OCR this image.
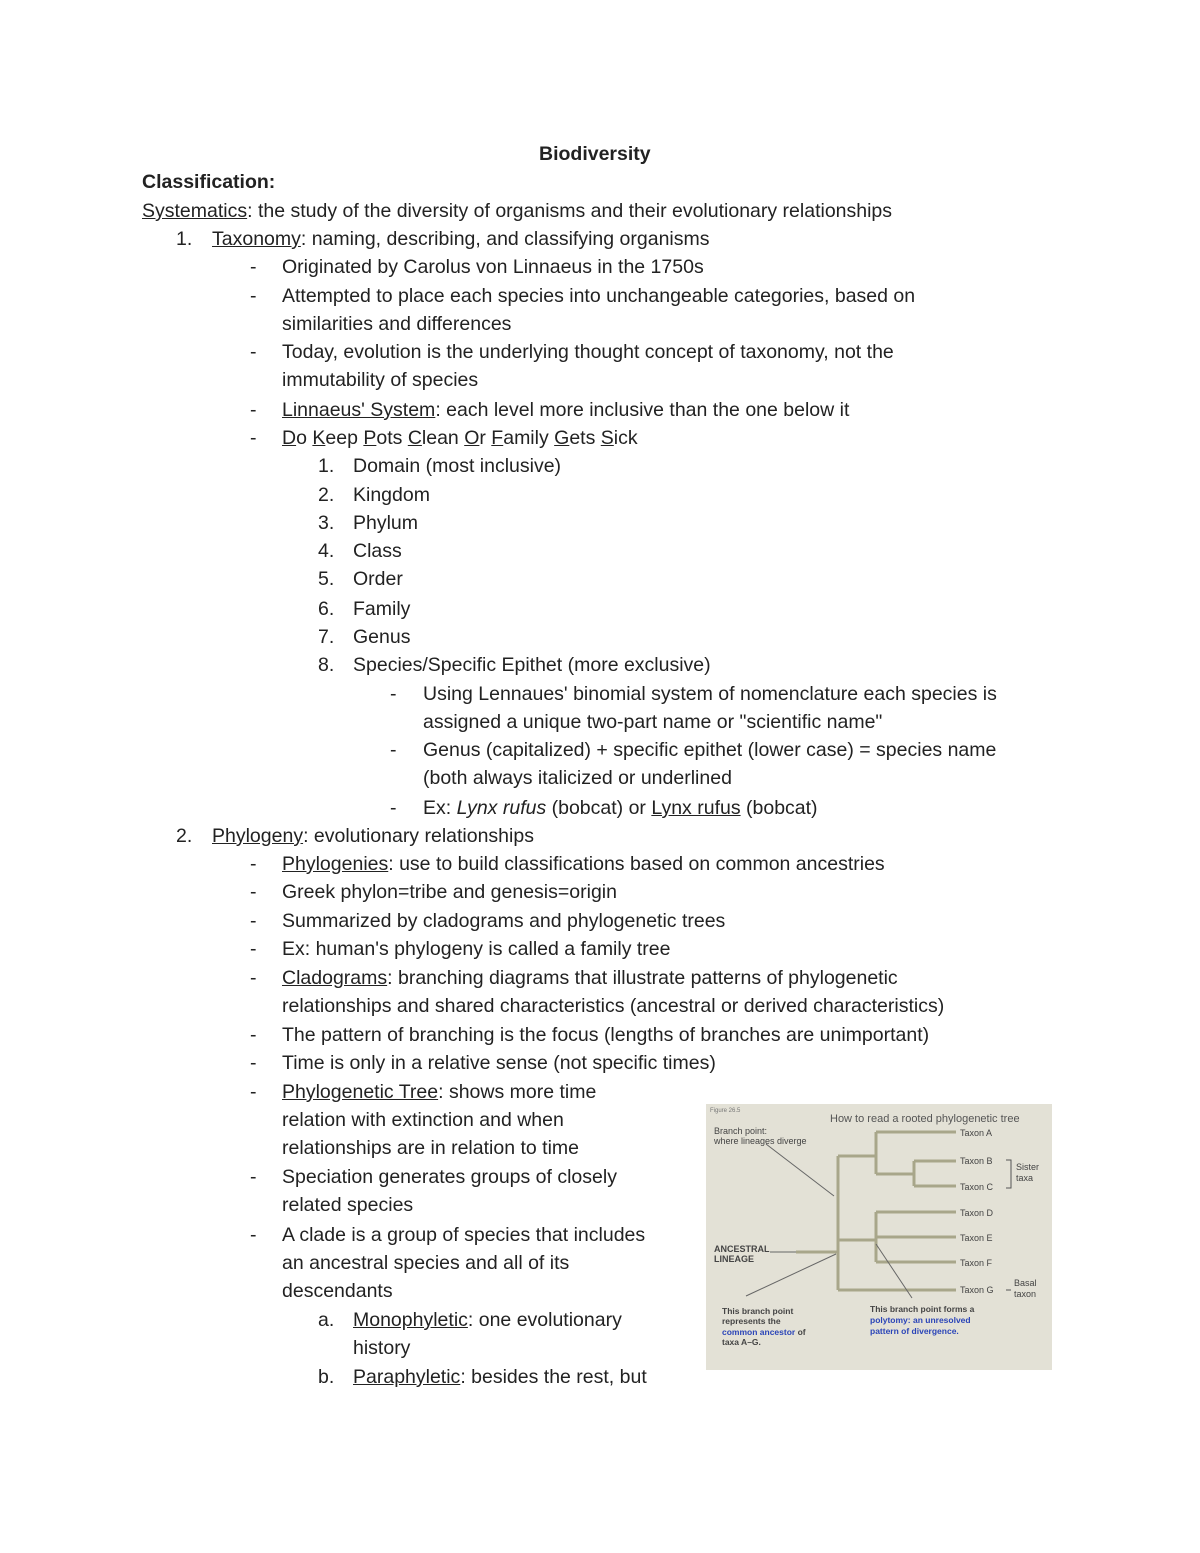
Biodiversity
Classification:
Systematics: the study of the diversity of organisms and their evolutionary relationships
1. Taxonomy: naming, describing, and classifying organisms
- Originated by Carolus von Linnaeus in the 1750s
- Attempted to place each species into unchangeable categories, based on
similarities and differences
- Today, evolution is the underlying thought concept of taxonomy, not the
immutability of species
- Linnaeus' System: each level more inclusive than the one below it
- Do Keep Pots Clean Or Family Gets Sick
1. Domain (most inclusive)
2. Kingdom
3. Phylum
4. Class
5. Order
6. Family
7. Genus
8. Species/Specific Epithet (more exclusive)
- Using Lennaues' binomial system of nomenclature each species is
assigned a unique two-part name or "scientific name"
- Genus (capitalized) + specific epithet (lower case) = species name
(both always italicized or underlined
- Ex: Lynx rufus (bobcat) or Lynx rufus (bobcat)
2. Phylogeny: evolutionary relationships
- Phylogenies: use to build classifications based on common ancestries
- Greek phylon=tribe and genesis=origin
- Summarized by cladograms and phylogenetic trees
- Ex: human's phylogeny is called a family tree
- Cladograms: branching diagrams that illustrate patterns of phylogenetic
relationships and shared characteristics (ancestral or derived characteristics)
- The pattern of branching is the focus (lengths of branches are unimportant)
- Time is only in a relative sense (not specific times)
- Phylogenetic Tree: shows more time
relation with extinction and when
relationships are in relation to time
- Speciation generates groups of closely
related species
- A clade is a group of species that includes
an ancestral species and all of its
descendants
a. Monophyletic: one evolutionary
history
b. Paraphyletic: besides the rest, but
Figure 26.5
How to read a rooted phylogenetic tree
Branch point:
where lineages diverge
ANCESTRAL
LINEAGE
Taxon A
Taxon B
Taxon C
Taxon D
Taxon E
Taxon F
Taxon G
Sister
taxa
Basal
taxon
This branch point
represents the
common ancestor of
taxa A–G.
This branch point forms a
polytomy: an unresolved
pattern of divergence.
